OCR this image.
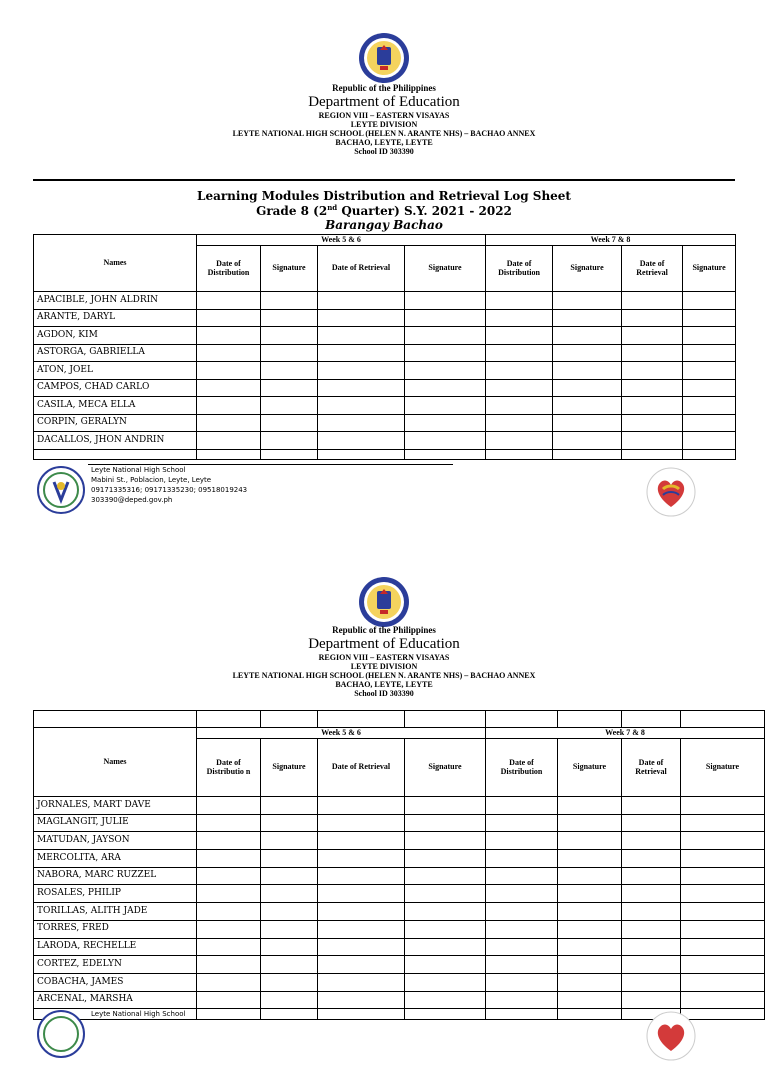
Republic of the Philippines
Department of Education
REGION VIII – EASTERN VISAYAS
LEYTE DIVISION
LEYTE NATIONAL HIGH SCHOOL (HELEN N. ARANTE NHS) – BACHAO ANNEX
BACHAO, LEYTE, LEYTE
School ID 303390
Learning Modules Distribution and Retrieval Log Sheet
Grade 8 (2nd Quarter) S.Y. 2021 - 2022
Barangay Bachao
Names	Week 5 & 6				Week 7 & 8			
	Date of Distribution	Signature	Date of Retrieval	Signature	Date of Distribution	Signature	Date of Retrieval	Signature
APACIBLE, JOHN ALDRIN								
ARANTE, DARYL								
AGDON, KIM								
ASTORGA, GABRIELLA								
ATON, JOEL								
CAMPOS, CHAD CARLO								
CASILA, MECA ELLA								
CORPIN, GERALYN								
DACALLOS, JHON ANDRIN								

Leyte National High School
Mabini St., Poblacion, Leyte, Leyte
09171335316; 09171335230; 09518019243
303390@deped.gov.ph
Republic of the Philippines
Department of Education
REGION VIII – EASTERN VISAYAS
LEYTE DIVISION
LEYTE NATIONAL HIGH SCHOOL (HELEN N. ARANTE NHS) – BACHAO ANNEX
BACHAO, LEYTE, LEYTE
School ID 303390

Names	Week 5 & 6				Week 7 & 8			
	Date of Distributio n	Signature	Date of Retrieval	Signature	Date of Distribution	Signature	Date of Retrieval	Signature
JORNALES, MART DAVE								
MAGLANGIT, JULIE								
MATUDAN, JAYSON								
MERCOLITA, ARA								
NABORA, MARC RUZZEL								
ROSALES, PHILIP								
TORILLAS, ALITH JADE								
TORRES, FRED								
LARODA, RECHELLE								
CORTEZ, EDELYN								
COBACHA, JAMES								
ARCENAL, MARSHA								

Leyte National High School
